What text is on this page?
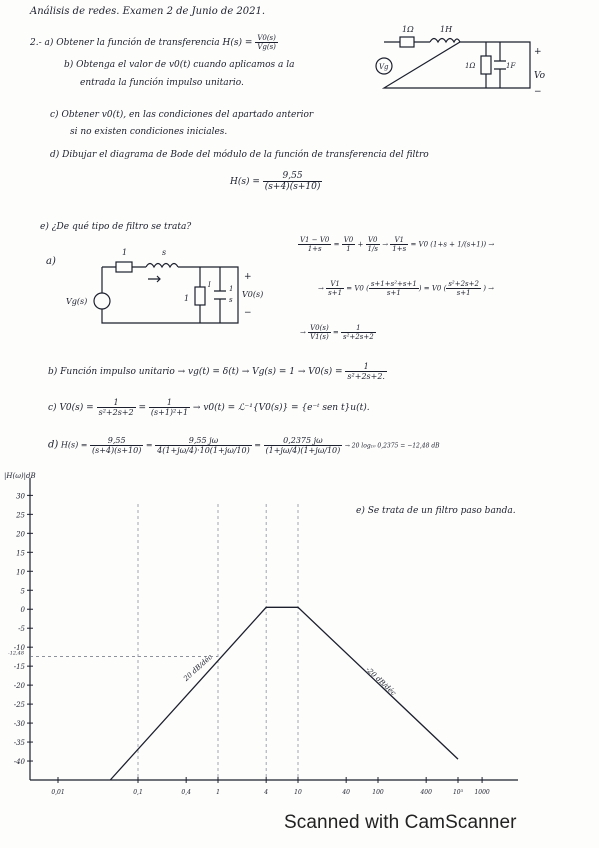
Análisis de redes. Examen 2 de Junio de 2021.
2.- a) Obtener la función de transferencia $H(s) = \frac{V0(s)}{Vg(s)}$
b) Obtenga el valor de v0(t) cuando aplicamos a la
entrada la función impulso unitario.
c) Obtener v0(t), en las condiciones del apartado anterior
si no existen condiciones iniciales.
d) Dibujar el diagrama de Bode del módulo de la función de transferencia del filtro
$H(s) = \frac{9,55}{(s+4)(s+10)}$
e) ¿De qué tipo de filtro se trata?
1Ω	1H
1Ω	1F
+
Vo
−
Vg
a)
1	s
1
I	1
s
+
V0(s)
−
Vg(s)
$\frac{V1 - V0}{1+s} = \frac{V0}{1} + \frac{V0}{1/s} \to \frac{V1}{1+s} = V0$ (1+s + 1/(s+1)) →
→ $\frac{V1}{s+1} = V0$ ( $\frac{\text{s+1+s²+s+1}}{s+1}$ ) = V0 ( $\frac{\text{s²+2s+2}}{s+1}$ ) →
→ $\frac{V0(s)}{V1(s)} = \frac{1}{\text{s²+2s+2}}$
b) Función impulso unitario → $vg(t) = \delta(t) \to Vg(s) = 1 \to V0(s) = \frac{1}{\text{s²+2s+2.}}$
c) $V0(s) = \frac{1}{\text{s²+2s+2}} = \frac{1}{\text{(s+1)²+1}} \to v0(t)$ = ℒ⁻¹{V0(s)} = {e⁻ᵗ sen t}u(t).
d) $H(s) = \frac{9,55}{(s+4)(s+10)} = \frac{9,55 j\omega}{4(1+j\omega/4)\cdot 10(1+j\omega/10)} = \frac{0,2375 j\omega}{(1+j\omega/4)(1+j\omega/10)} \to 20$ log₁₀ 0,2375 = −12,48 dB
e) Se trata de un filtro paso banda.
|H(ω)|dB
30
25
20
15
10
5
0
-5
-10
-15
-20
-25
-30
-35
-40
0,01	0,1	0,4	1	4	10	40	100	400	10³ 1000
-12,48	20 dB/déc	-20 dB/déc
Scanned with CamScanner
